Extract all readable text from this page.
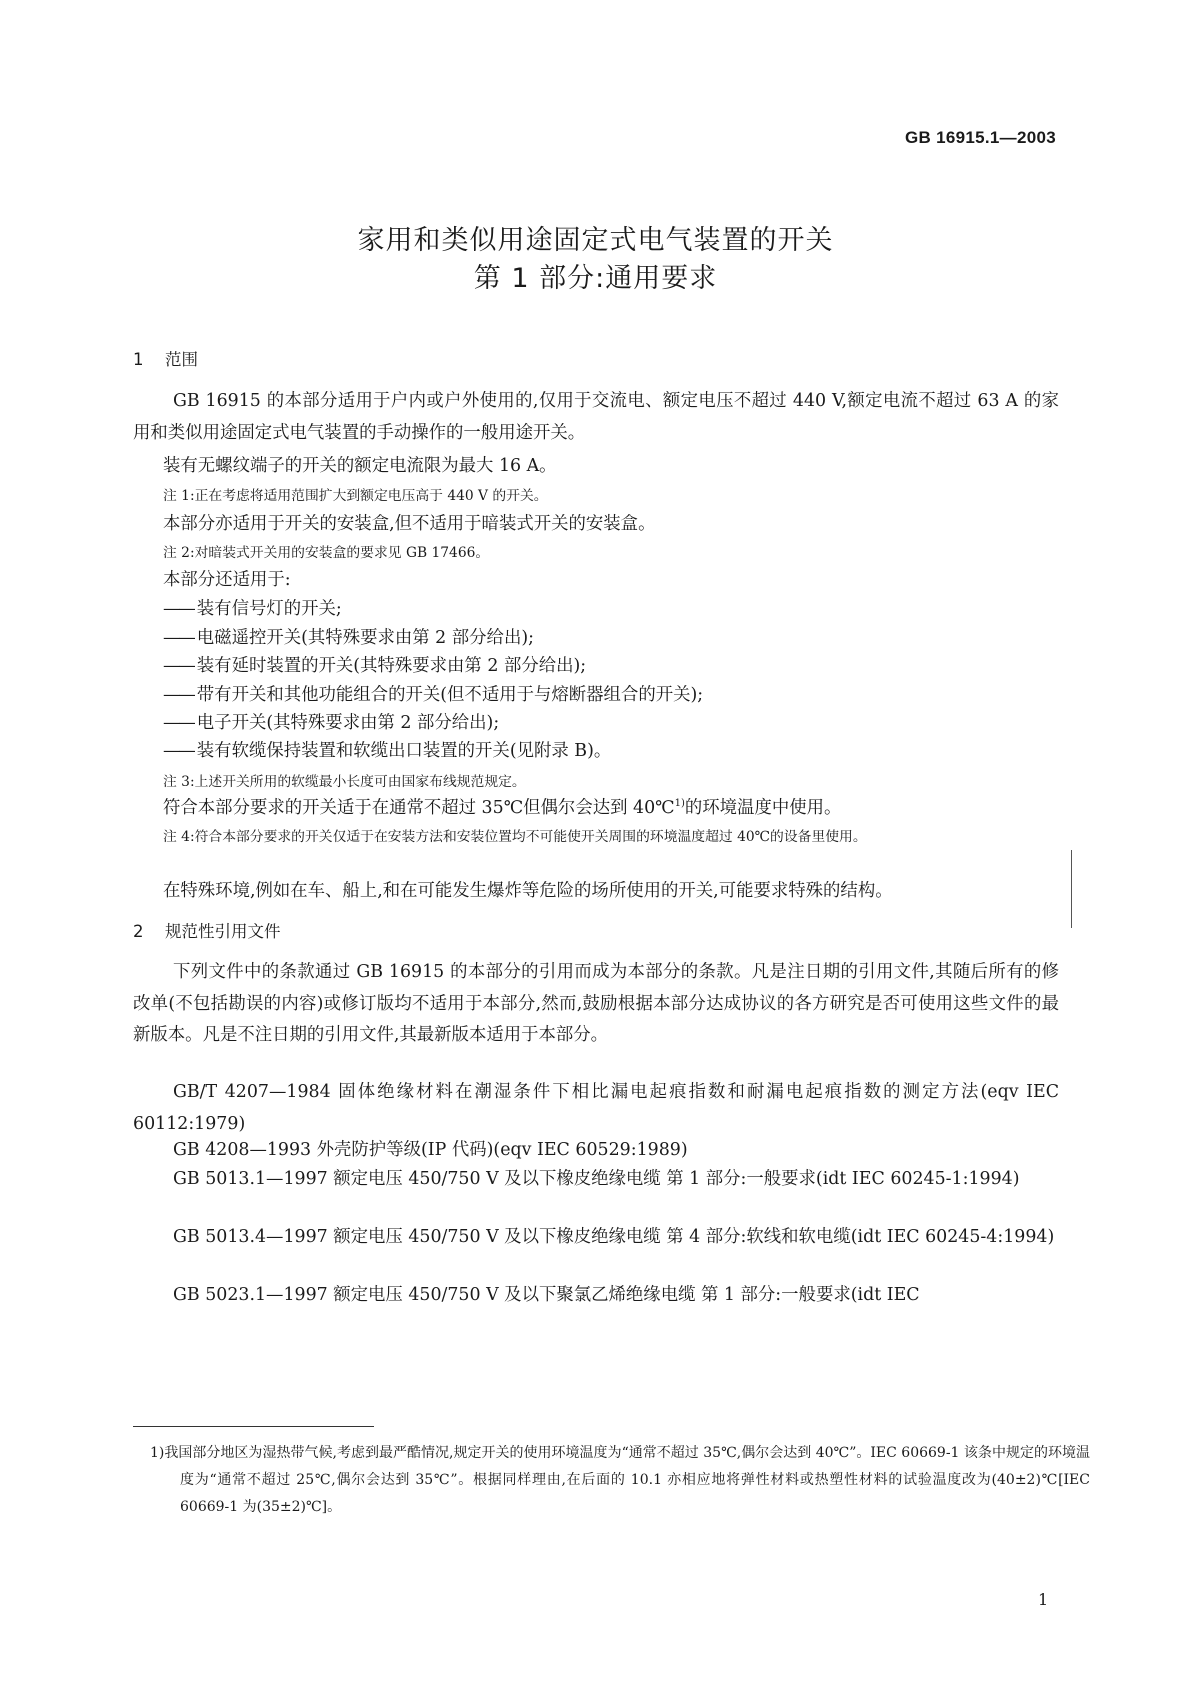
GB 16915.1—2003
家用和类似用途固定式电气装置的开关
第 1 部分:通用要求
1 范围
GB 16915 的本部分适用于户内或户外使用的,仅用于交流电、额定电压不超过 440 V,额定电流不超过 63 A 的家用和类似用途固定式电气装置的手动操作的一般用途开关。
装有无螺纹端子的开关的额定电流限为最大 16 A。
注 1:正在考虑将适用范围扩大到额定电压高于 440 V 的开关。
本部分亦适用于开关的安装盒,但不适用于暗装式开关的安装盒。
注 2:对暗装式开关用的安装盒的要求见 GB 17466。
本部分还适用于:
—— 装有信号灯的开关;
—— 电磁遥控开关(其特殊要求由第 2 部分给出);
—— 装有延时装置的开关(其特殊要求由第 2 部分给出);
—— 带有开关和其他功能组合的开关(但不适用于与熔断器组合的开关);
—— 电子开关(其特殊要求由第 2 部分给出);
—— 装有软缆保持装置和软缆出口装置的开关(见附录 B)。
注 3:上述开关所用的软缆最小长度可由国家布线规范规定。
符合本部分要求的开关适于在通常不超过 35℃但偶尔会达到 40℃$^{1)}$的环境温度中使用。
注 4:符合本部分要求的开关仅适于在安装方法和安装位置均不可能使开关周围的环境温度超过 40℃的设备里使用。
在特殊环境,例如在车、船上,和在可能发生爆炸等危险的场所使用的开关,可能要求特殊的结构。
2 规范性引用文件
下列文件中的条款通过 GB 16915 的本部分的引用而成为本部分的条款。凡是注日期的引用文件,其随后所有的修改单(不包括勘误的内容)或修订版均不适用于本部分,然而,鼓励根据本部分达成协议的各方研究是否可使用这些文件的最新版本。凡是不注日期的引用文件,其最新版本适用于本部分。
GB/T 4207—1984 固体绝缘材料在潮湿条件下相比漏电起痕指数和耐漏电起痕指数的测定方法(eqv IEC 60112:1979)
GB 4208—1993 外壳防护等级(IP 代码)(eqv IEC 60529:1989)
GB 5013.1—1997 额定电压 450/750 V 及以下橡皮绝缘电缆 第 1 部分:一般要求(idt IEC 60245-1:1994)
GB 5013.4—1997 额定电压 450/750 V 及以下橡皮绝缘电缆 第 4 部分:软线和软电缆(idt IEC 60245-4:1994)
GB 5023.1—1997 额定电压 450/750 V 及以下聚氯乙烯绝缘电缆 第 1 部分:一般要求(idt IEC
1)我国部分地区为湿热带气候,考虑到最严酷情况,规定开关的使用环境温度为“通常不超过 35℃,偶尔会达到 40℃”。IEC 60669-1 该条中规定的环境温度为“通常不超过 25℃,偶尔会达到 35℃”。根据同样理由,在后面的 10.1 亦相应地将弹性材料或热塑性材料的试验温度改为(40±2)℃[IEC 60669-1 为(35±2)℃]。
1
